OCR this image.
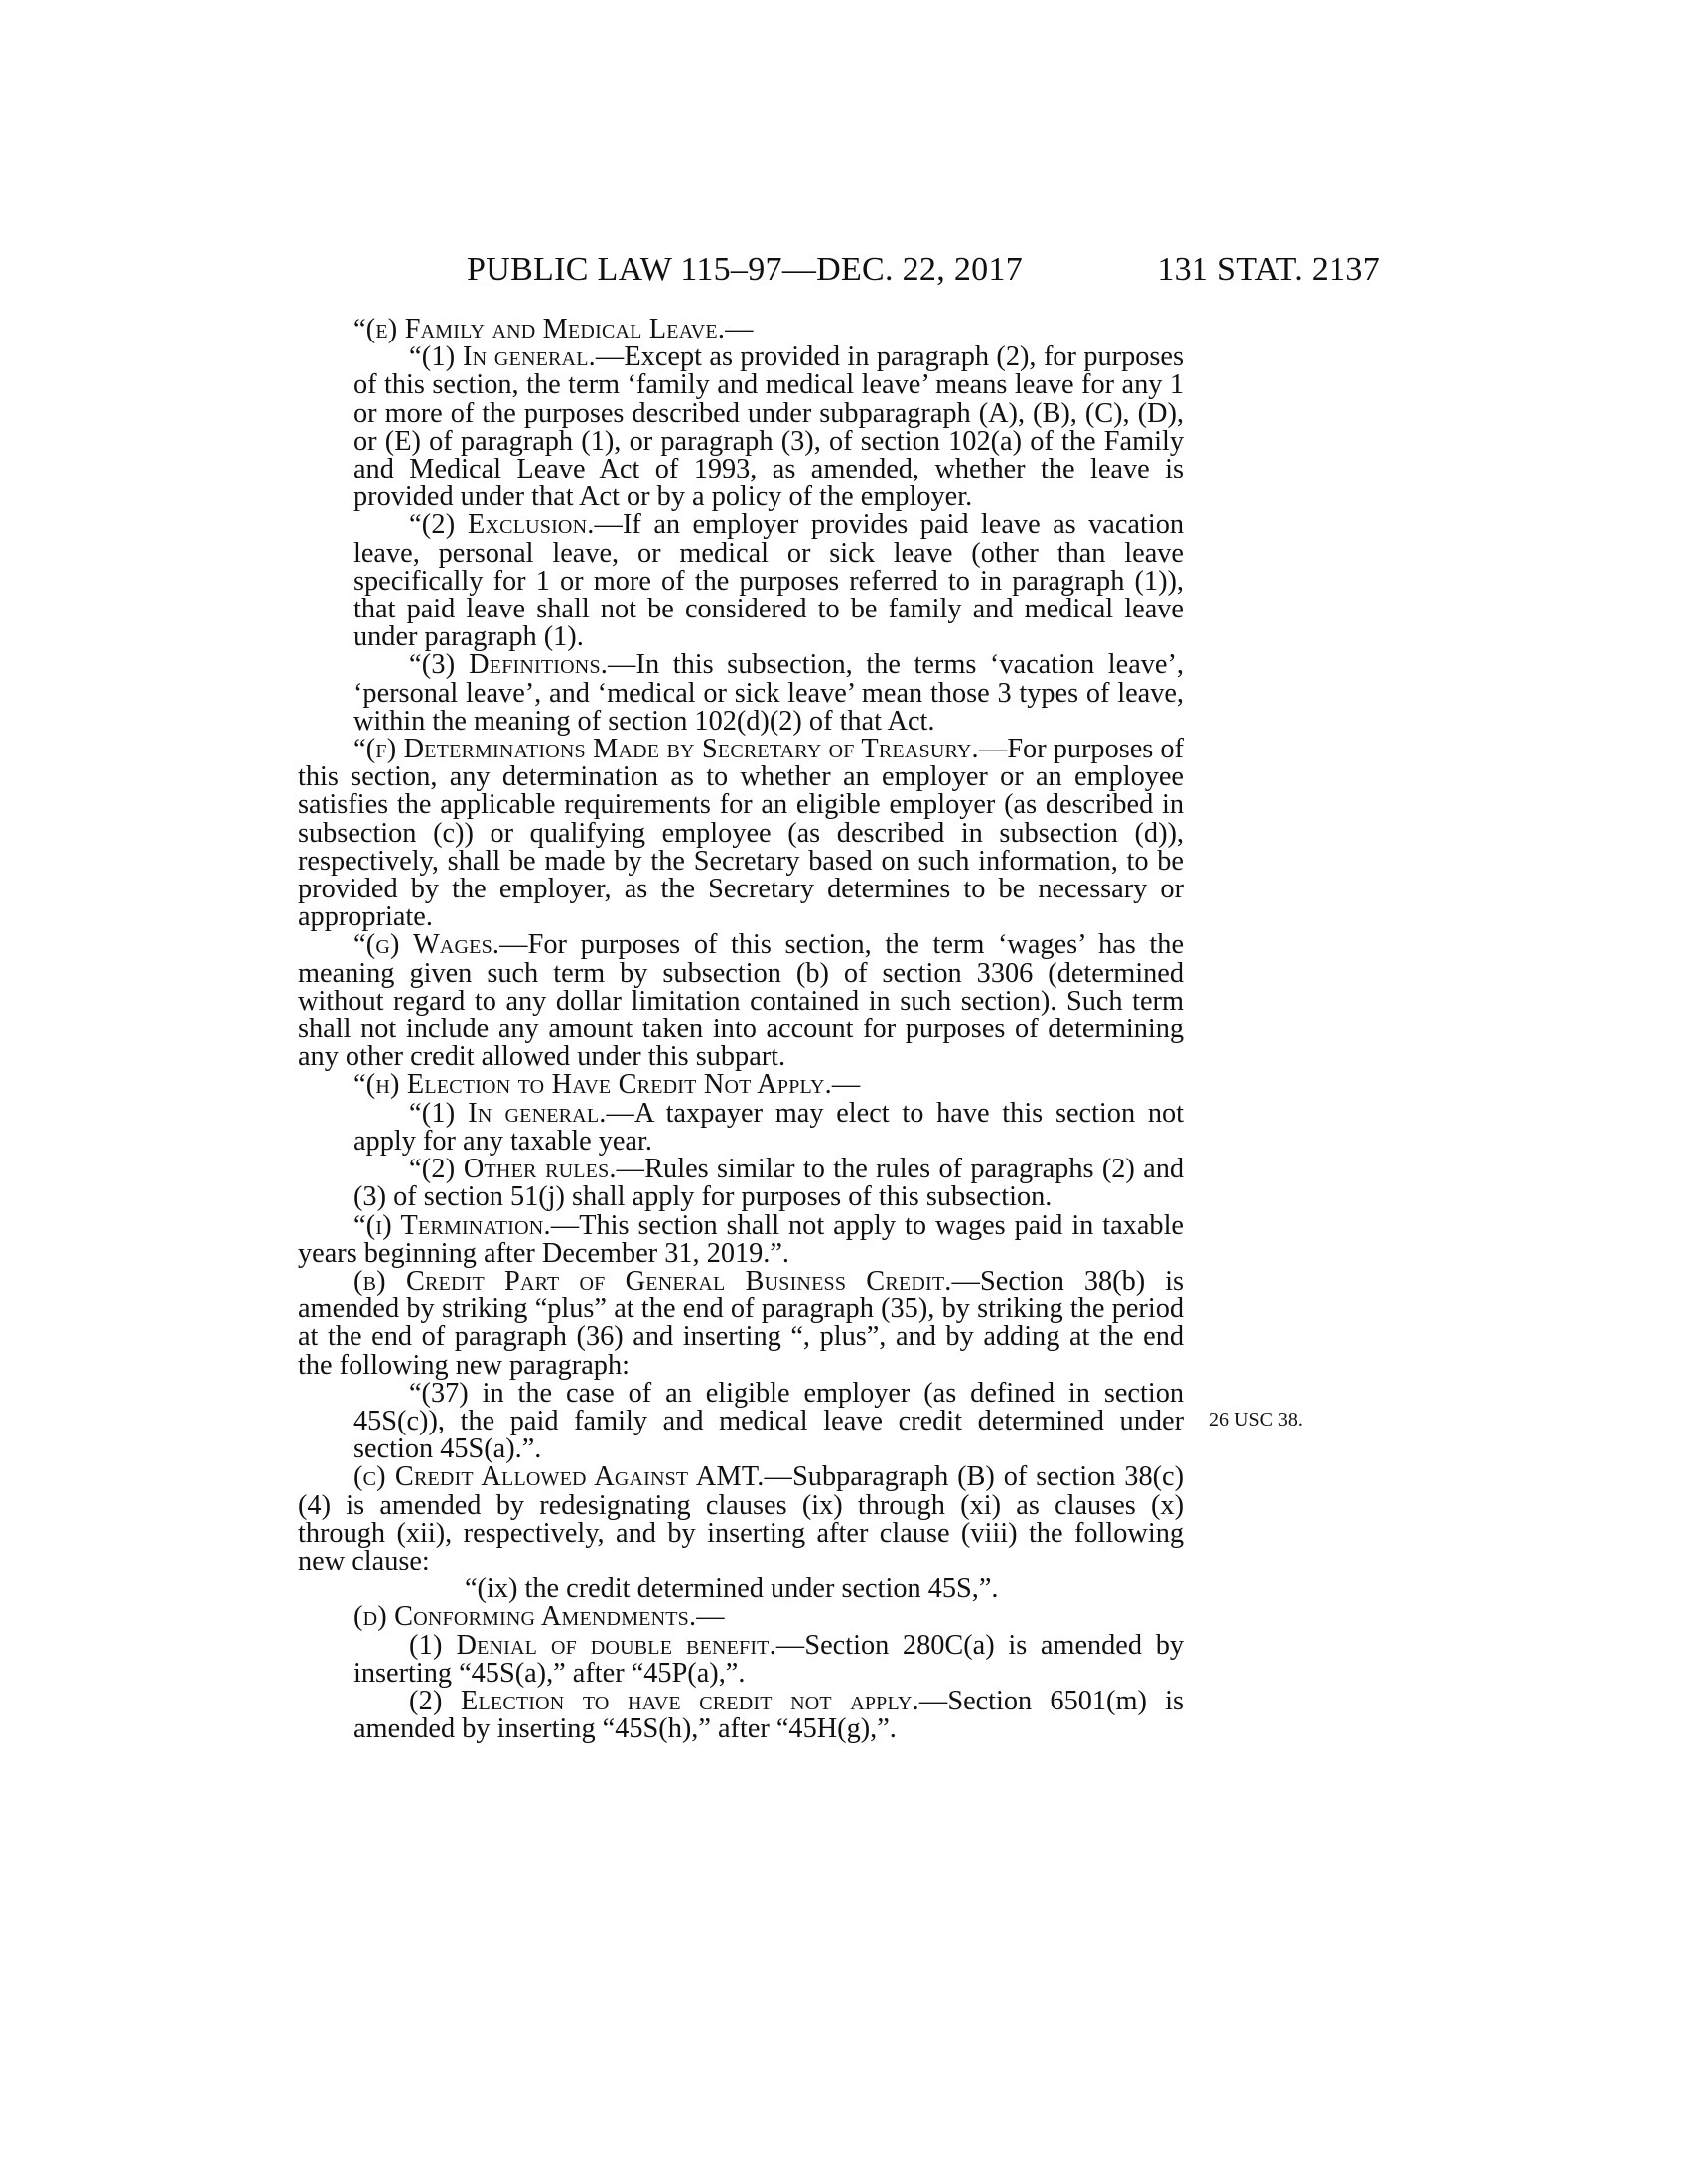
PUBLIC LAW 115–97—DEC. 22, 2017	131 STAT. 2137
26 USC 38.

“(e) Family and Medical Leave.—

“(1) In general.—Except as provided in paragraph (2), for purposes of this section, the term ‘family and medical leave’ means leave for any 1 or more of the purposes described under subparagraph (A), (B), (C), (D), or (E) of paragraph (1), or paragraph (3), of section 102(a) of the Family and Medical Leave Act of 1993, as amended, whether the leave is provided under that Act or by a policy of the employer.

“(2) Exclusion.—If an employer provides paid leave as vacation leave, personal leave, or medical or sick leave (other than leave specifically for 1 or more of the purposes referred to in paragraph (1)), that paid leave shall not be considered to be family and medical leave under paragraph (1).

“(3) Definitions.—In this subsection, the terms ‘vacation leave’, ‘personal leave’, and ‘medical or sick leave’ mean those 3 types of leave, within the meaning of section 102(d)(2) of that Act.

“(f) Determinations Made by Secretary of Treasury.—For purposes of this section, any determination as to whether an employer or an employee satisfies the applicable requirements for an eligible employer (as described in subsection (c)) or qualifying employee (as described in subsection (d)), respectively, shall be made by the Secretary based on such information, to be provided by the employer, as the Secretary determines to be necessary or appropriate.

“(g) Wages.—For purposes of this section, the term ‘wages’ has the meaning given such term by subsection (b) of section 3306 (determined without regard to any dollar limitation contained in such section). Such term shall not include any amount taken into account for purposes of determining any other credit allowed under this subpart.

“(h) Election to Have Credit Not Apply.—

“(1) In general.—A taxpayer may elect to have this section not apply for any taxable year.

“(2) Other rules.—Rules similar to the rules of paragraphs (2) and (3) of section 51(j) shall apply for purposes of this subsection.

“(i) Termination.—This section shall not apply to wages paid in taxable years beginning after December 31, 2019.”.

(b) Credit Part of General Business Credit.—Section 38(b) is amended by striking “plus” at the end of paragraph (35), by striking the period at the end of paragraph (36) and inserting “, plus”, and by adding at the end the following new paragraph:

“(37) in the case of an eligible employer (as defined in section 45S(c)), the paid family and medical leave credit determined under section 45S(a).”.

(c) Credit Allowed Against AMT.—Subparagraph (B) of section 38(c)(4) is amended by redesignating clauses (ix) through (xi) as clauses (x) through (xii), respectively, and by inserting after clause (viii) the following new clause:

“(ix) the credit determined under section 45S,”.

(d) Conforming Amendments.—

(1) Denial of double benefit.—Section 280C(a) is amended by inserting “45S(a),” after “45P(a),”.

(2) Election to have credit not apply.—Section 6501(m) is amended by inserting “45S(h),” after “45H(g),”.
